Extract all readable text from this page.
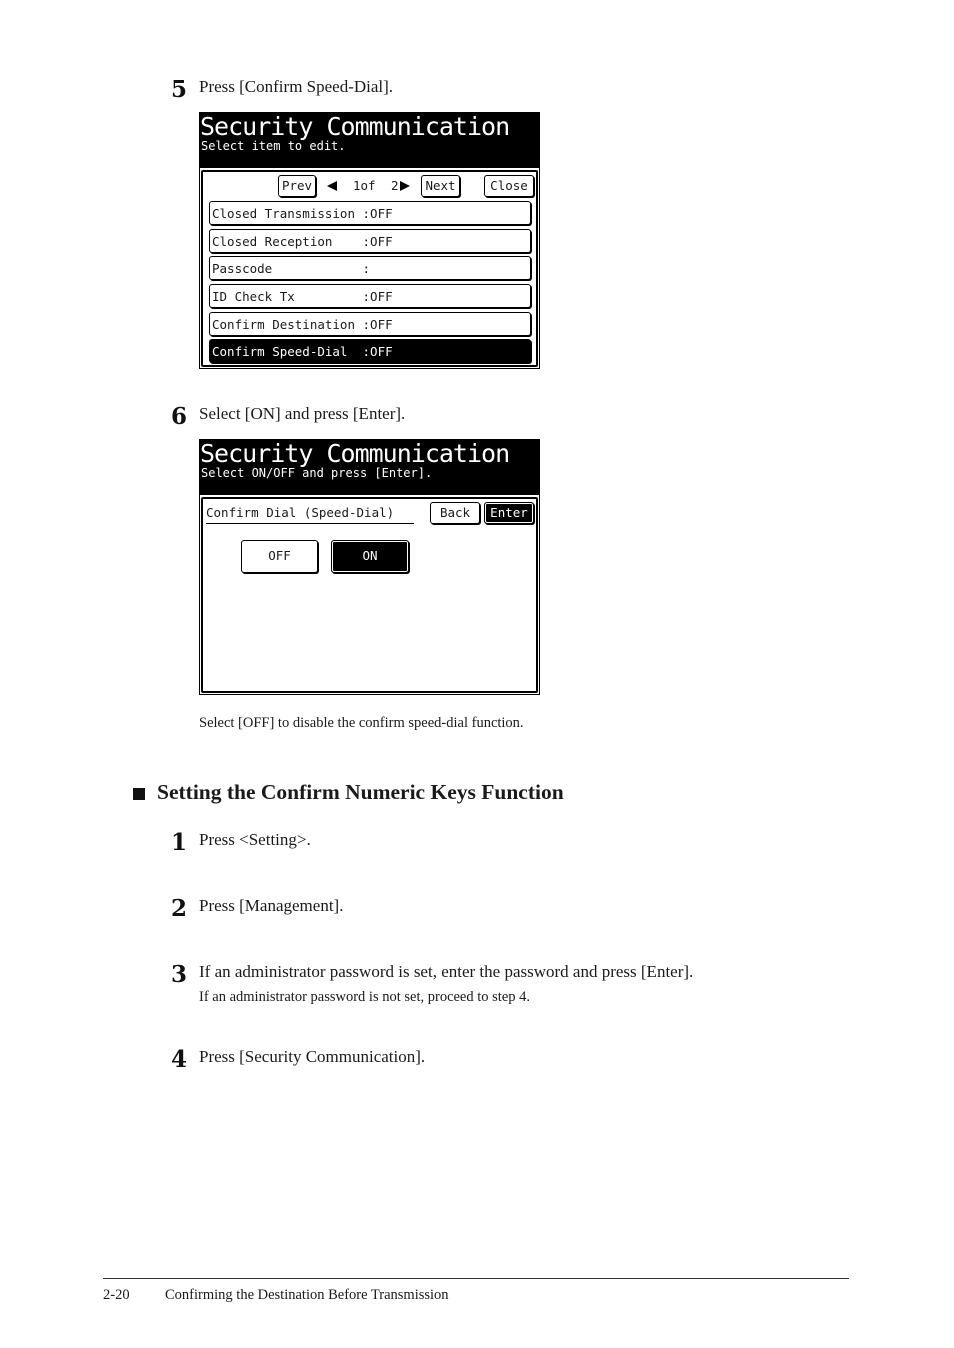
5 Press [Confirm Speed-Dial].
Security Communication
Select item to edit.
Prev	1of 2	Next	Close
Closed Transmission :OFF
Closed Reception    :OFF
Passcode            :
ID Check Tx         :OFF
Confirm Destination :OFF
Confirm Speed-Dial  :OFF
6 Select [ON] and press [Enter].
Security Communication
Select ON/OFF and press [Enter].
Confirm Dial (Speed-Dial)	Back	Enter
OFF	ON
Select [OFF] to disable the confirm speed-dial function.
Setting the Confirm Numeric Keys Function
1 Press <Setting>.
2 Press [Management].
3 If an administrator password is set, enter the password and press [Enter].
If an administrator password is not set, proceed to step 4.
4 Press [Security Communication].
2-20 Confirming the Destination Before Transmission
